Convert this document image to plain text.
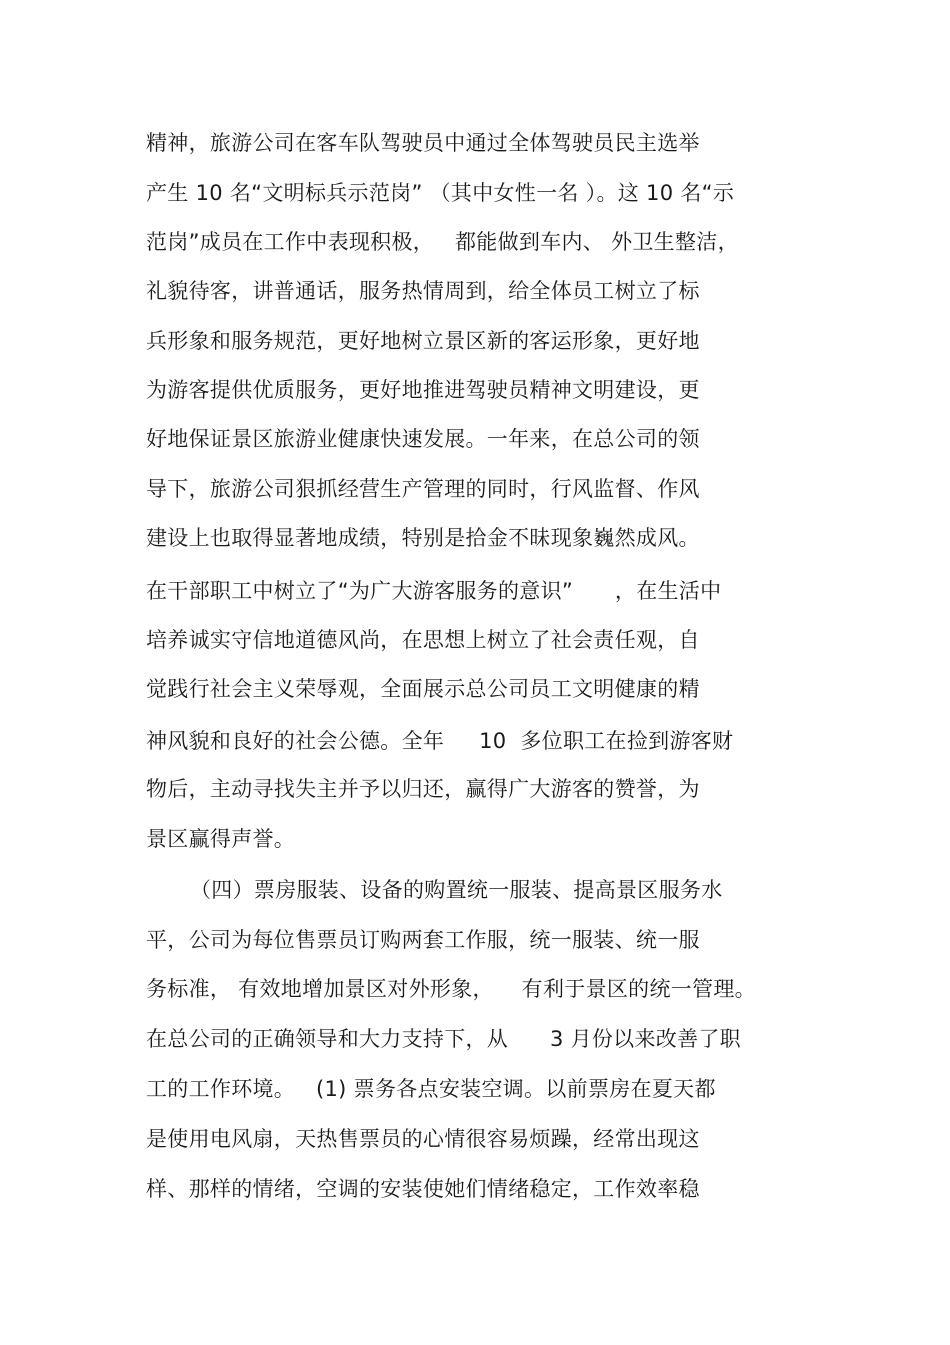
精神，旅游公司在客车队驾驶员中通过全体驾驶员民主选举
产生 10 名“文明标兵示范岗” （其中女性一名 ）。这 10 名“示
范岗”成员在工作中表现积极，   都能做到车内、 外卫生整洁，
礼貌待客，讲普通话，服务热情周到，给全体员工树立了标
兵形象和服务规范，更好地树立景区新的客运形象，更好地
为游客提供优质服务，更好地推进驾驶员精神文明建设，更
好地保证景区旅游业健康快速发展。一年来，在总公司的领
导下，旅游公司狠抓经营生产管理的同时，行风监督、作风
建设上也取得显著地成绩，特别是拾金不昧现象巍然成风。
在干部职工中树立了“为广大游客服务的意识”      ，在生活中
培养诚实守信地道德风尚，在思想上树立了社会责任观，自
觉践行社会主义荣辱观，全面展示总公司员工文明健康的精
神风貌和良好的社会公德。全年     10  多位职工在捡到游客财
物后，主动寻找失主并予以归还，赢得广大游客的赞誉，为
景区赢得声誉。
（四）票房服装、设备的购置统一服装、提高景区服务水
平，公司为每位售票员订购两套工作服，统一服装、统一服
务标准， 有效地增加景区对外形象，    有利于景区的统一管理。
在总公司的正确领导和大力支持下，从      3 月份以来改善了职
工的工作环境。   (1) 票务各点安装空调。以前票房在夏天都
是使用电风扇，天热售票员的心情很容易烦躁，经常出现这
样、那样的情绪，空调的安装使她们情绪稳定，工作效率稳
